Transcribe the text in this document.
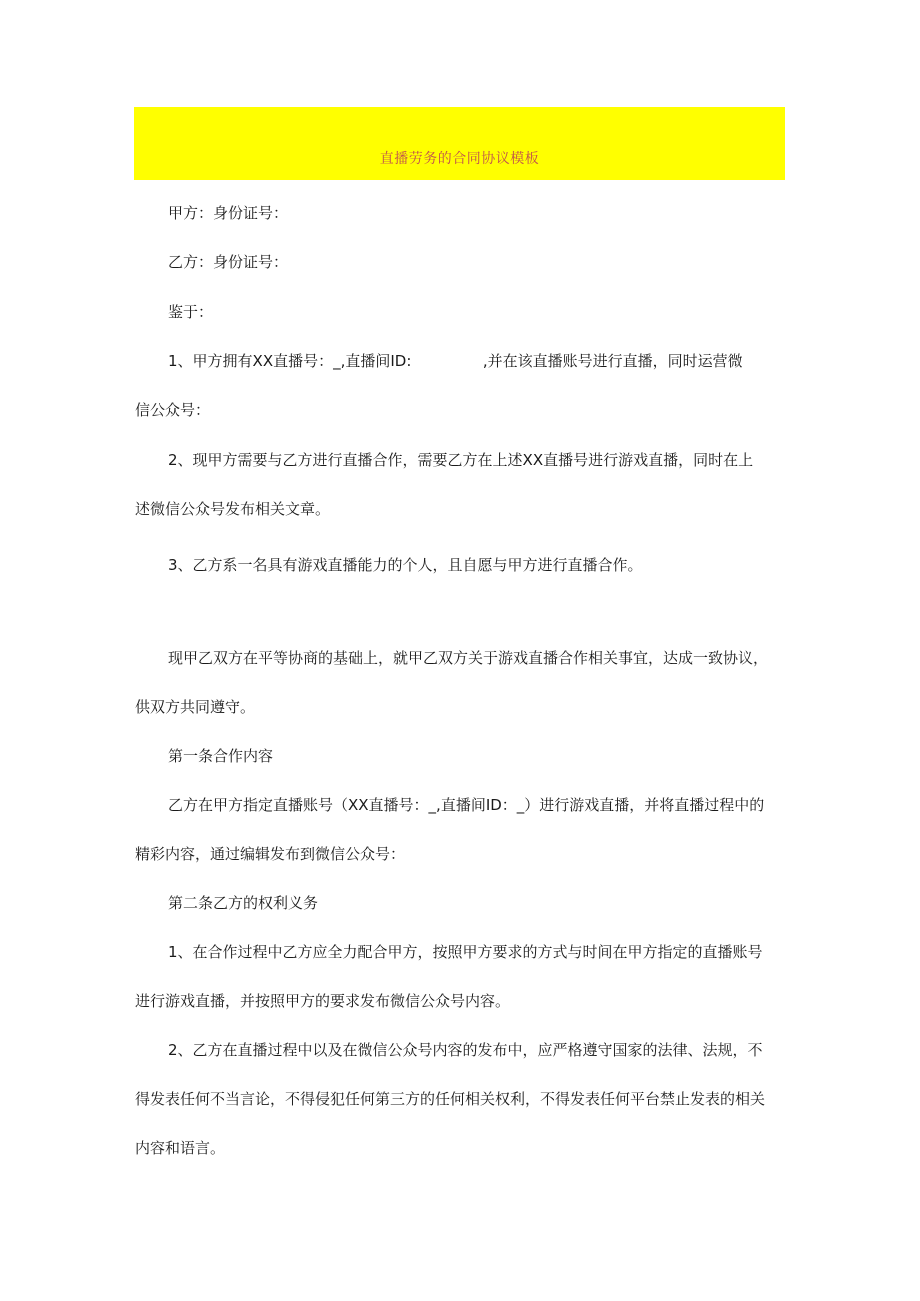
直播劳务的合同协议模板
甲方：身份证号：
乙方：身份证号：
鉴于：
1、甲方拥有XX直播号：_,直播间ID:               ,并在该直播账号进行直播，同时运营微
信公众号：
2、现甲方需要与乙方进行直播合作，需要乙方在上述XX直播号进行游戏直播，同时在上
述微信公众号发布相关文章。
3、乙方系一名具有游戏直播能力的个人，且自愿与甲方进行直播合作。
现甲乙双方在平等协商的基础上，就甲乙双方关于游戏直播合作相关事宜，达成一致协议，
供双方共同遵守。
第一条合作内容
乙方在甲方指定直播账号（XX直播号：_,直播间ID：_）进行游戏直播，并将直播过程中的
精彩内容，通过编辑发布到微信公众号：
第二条乙方的权利义务
1、在合作过程中乙方应全力配合甲方，按照甲方要求的方式与时间在甲方指定的直播账号
进行游戏直播，并按照甲方的要求发布微信公众号内容。
2、乙方在直播过程中以及在微信公众号内容的发布中，应严格遵守国家的法律、法规，不
得发表任何不当言论，不得侵犯任何第三方的任何相关权利，不得发表任何平台禁止发表的相关
内容和语言。
